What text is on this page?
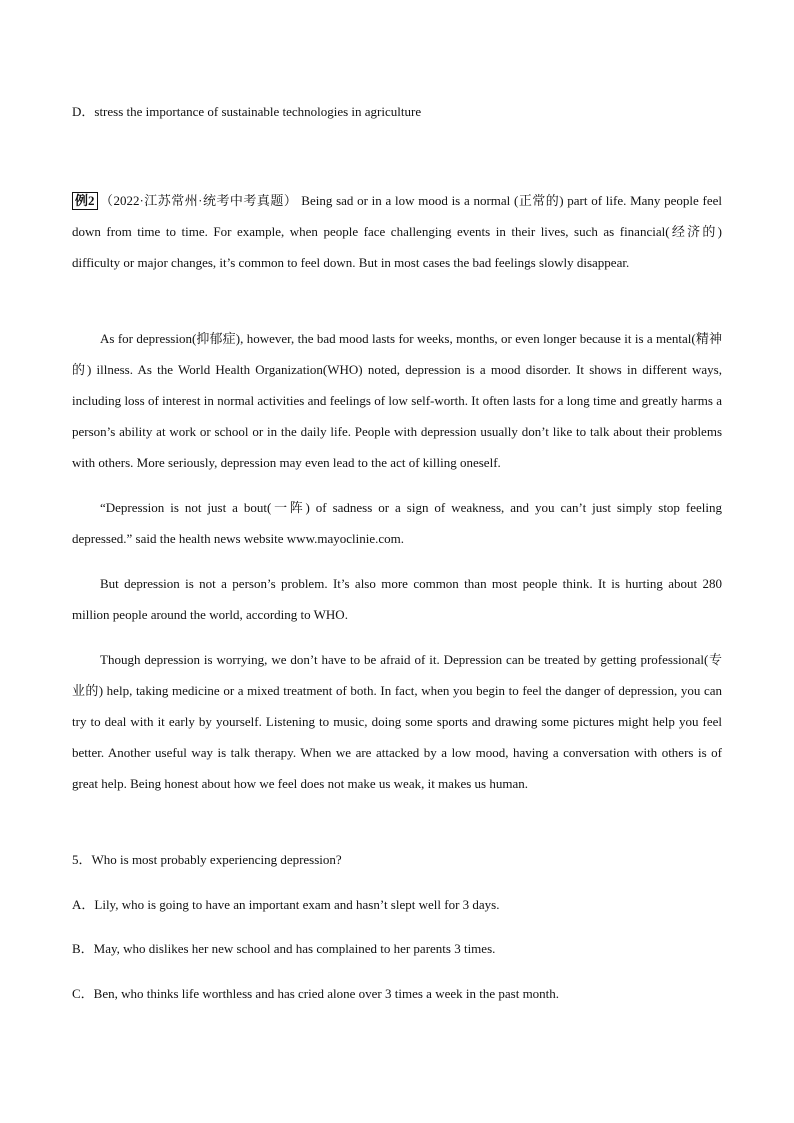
D．stress the importance of sustainable technologies in agriculture
例2 （2022·江苏常州·统考中考真题） Being sad or in a low mood is a normal (正常的) part of life. Many people feel down from time to time. For example, when people face challenging events in their lives, such as financial(经济的) difficulty or major changes, it’s common to feel down. But in most cases the bad feelings slowly disappear.
As for depression(抑郁症), however, the bad mood lasts for weeks, months, or even longer because it is a mental(精神的) illness. As the World Health Organization(WHO) noted, depression is a mood disorder. It shows in different ways, including loss of interest in normal activities and feelings of low self-worth. It often lasts for a long time and greatly harms a person’s ability at work or school or in the daily life. People with depression usually don’t like to talk about their problems with others. More seriously, depression may even lead to the act of killing oneself.
“Depression is not just a bout(一阵) of sadness or a sign of weakness, and you can’t just simply stop feeling depressed.” said the health news website www.mayoclinie.com.
But depression is not a person’s problem. It’s also more common than most people think. It is hurting about 280 million people around the world, according to WHO.
Though depression is worrying, we don’t have to be afraid of it. Depression can be treated by getting professional(专业的) help, taking medicine or a mixed treatment of both. In fact, when you begin to feel the danger of depression, you can try to deal with it early by yourself. Listening to music, doing some sports and drawing some pictures might help you feel better. Another useful way is talk therapy. When we are attacked by a low mood, having a conversation with others is of great help. Being honest about how we feel does not make us weak, it makes us human.
5．Who is most probably experiencing depression?
A．Lily, who is going to have an important exam and hasn’t slept well for 3 days.
B．May, who dislikes her new school and has complained to her parents 3 times.
C．Ben, who thinks life worthless and has cried alone over 3 times a week in the past month.
